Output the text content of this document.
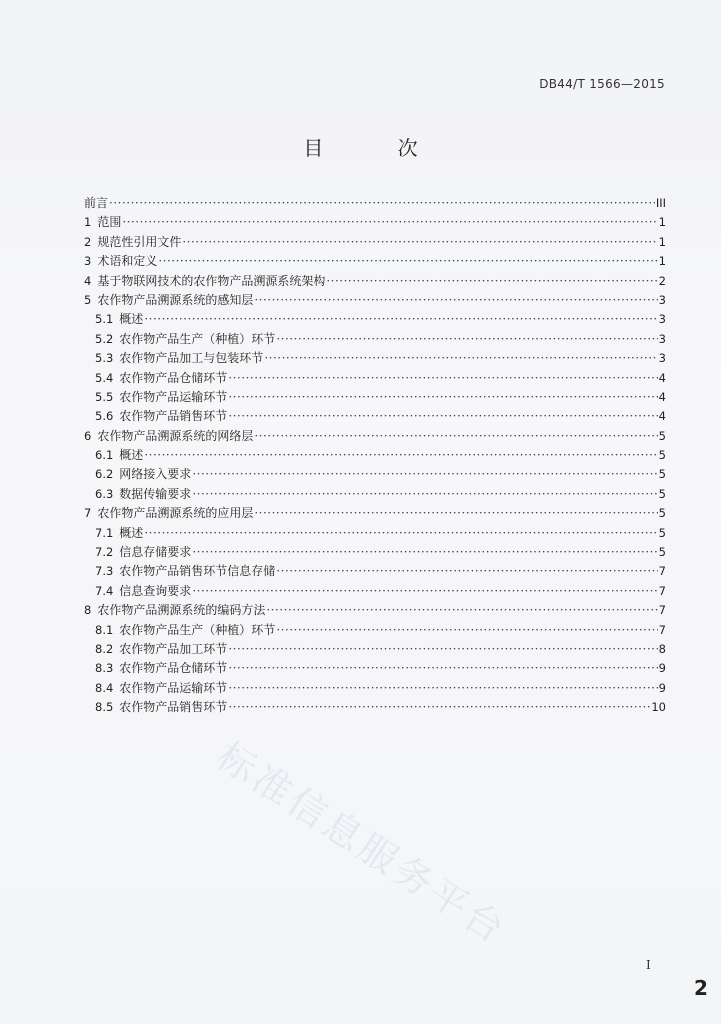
DB44/T 1566—2015
目 次
前言 ·····	III
1 范围 ·····	1
2 规范性引用文件 ·····	1
3 术语和定义 ·····	1
4 基于物联网技术的农作物产品溯源系统架构 ·····	2
5 农作物产品溯源系统的感知层 ·····	3
5.1 概述 ·····	3
5.2 农作物产品生产（种植）环节 ·····	3
5.3 农作物产品加工与包装环节 ·····	3
5.4 农作物产品仓储环节 ·····	4
5.5 农作物产品运输环节 ·····	4
5.6 农作物产品销售环节 ·····	4
6 农作物产品溯源系统的网络层 ·····	5
6.1 概述 ·····	5
6.2 网络接入要求 ·····	5
6.3 数据传输要求 ·····	5
7 农作物产品溯源系统的应用层 ·····	5
7.1 概述 ·····	5
7.2 信息存储要求 ·····	5
7.3 农作物产品销售环节信息存储 ·····	7
7.4 信息查询要求 ·····	7
8 农作物产品溯源系统的编码方法 ·····	7
8.1 农作物产品生产（种植）环节 ·····	7
8.2 农作物产品加工环节 ·····	8
8.3 农作物产品仓储环节 ·····	9
8.4 农作物产品运输环节 ·····	9
8.5 农作物产品销售环节 ·····	10
标准信息服务平台
I
2
